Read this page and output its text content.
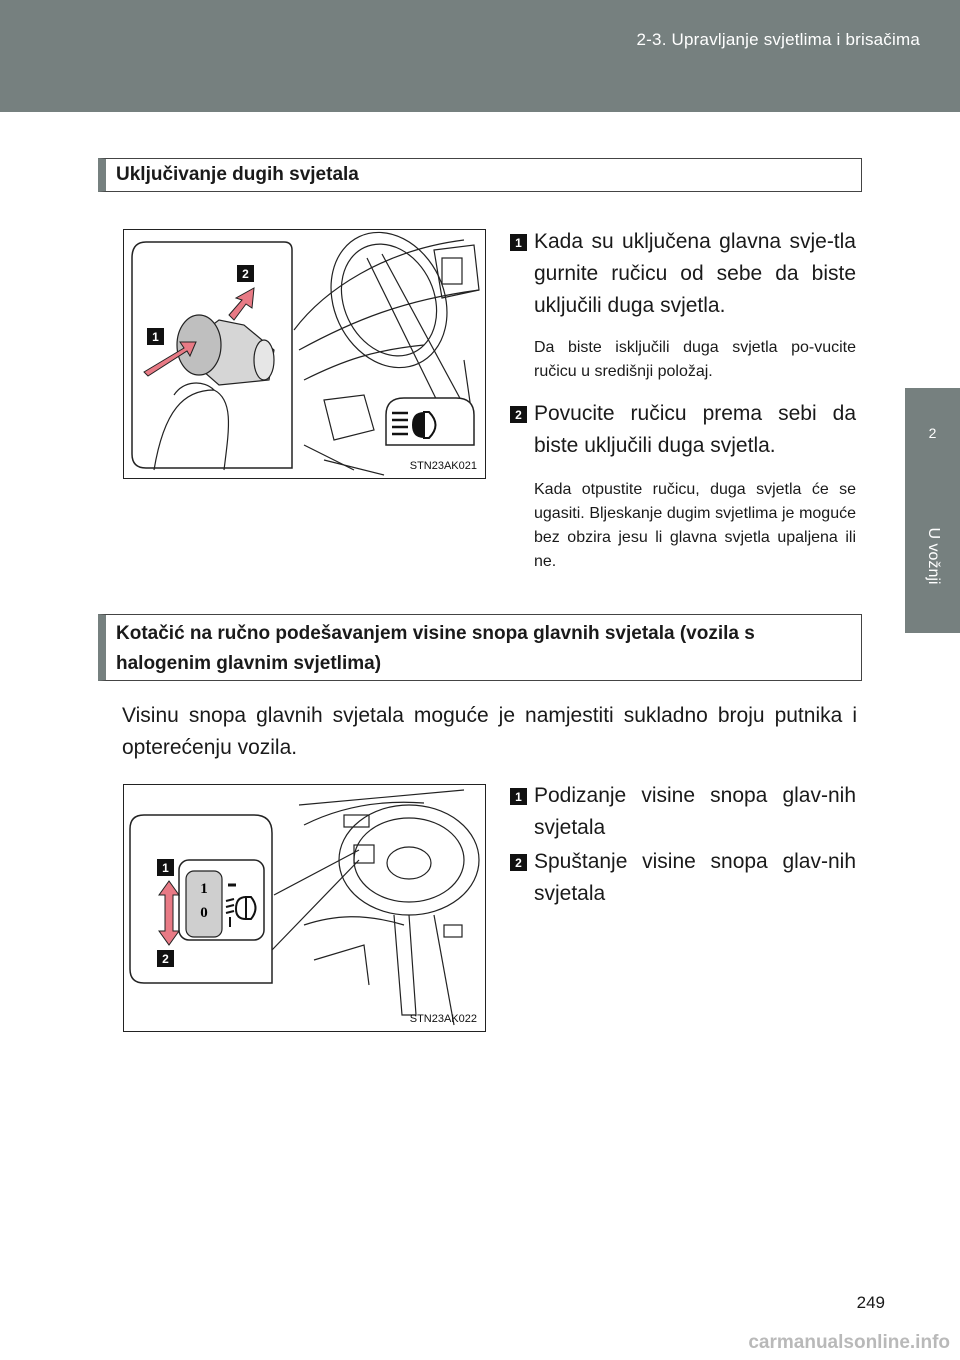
2-3. Upravljanje svjetlima i brisačima
2
U vožnji
Uključivanje dugih svjetala
1
2
STN23AK021
1 Kada su uključena glavna svje-tla gurnite ručicu od sebe da biste uključili duga svjetla.
Da biste isključili duga svjetla po-vucite ručicu u središnji položaj.
2 Povucite ručicu prema sebi da biste uključili duga svjetla.
Kada otpustite ručicu, duga svjetla će se ugasiti. Bljeskanje dugim svjetlima je moguće bez obzira jesu li glavna svjetla upaljena ili ne.
Kotačić na ručno podešavanjem visine snopa glavnih svjetala (vozila s halogenim glavnim svjetlima)
Visinu snopa glavnih svjetala moguće je namjestiti sukladno broju putnika i opterećenju vozila.
1
0
1
2
STN23AK022
1 Podizanje visine snopa glav-nih svjetala
2 Spuštanje visine snopa glav-nih svjetala
249
carmanualsonline.info
